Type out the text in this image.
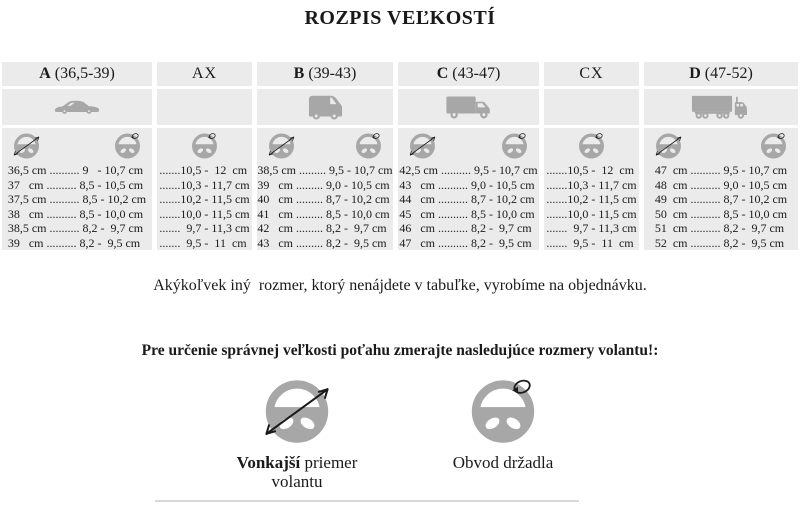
ROZPIS VEĽKOSTÍ
A (36,5-39)
36,5 cm .......... 9   - 10,7 cm
37   cm .......... 8,5 - 10,5 cm
37,5 cm .......... 8,5 - 10,2 cm
38   cm .......... 8,5 - 10,0 cm
38,5 cm .......... 8,2 -  9,7 cm
39   cm .......... 8,2 -  9,5 cm
AX
.......10,5 -  12  cm
.......10,3 - 11,7 cm
.......10,2 - 11,5 cm
.......10,0 - 11,5 cm
.......  9,7 - 11,3 cm
.......  9,5 -  11  cm
B (39-43)
38,5 cm ......... 9,5 - 10,7 cm
39   cm ......... 9,0 - 10,5 cm
40   cm ......... 8,7 - 10,2 cm
41   cm ......... 8,5 - 10,0 cm
42   cm ......... 8,2 -  9,7 cm
43   cm ......... 8,2 -  9,5 cm
C (43-47)
42,5 cm .......... 9,5 - 10,7 cm
43   cm .......... 9,0 - 10,5 cm
44   cm .......... 8,7 - 10,2 cm
45   cm .......... 8,5 - 10,0 cm
46   cm .......... 8,2 -  9,7 cm
47   cm .......... 8,2 -  9,5 cm
CX
.......10,5 -  12  cm
.......10,3 - 11,7 cm
.......10,2 - 11,5 cm
.......10,0 - 11,5 cm
.......  9,7 - 11,3 cm
.......  9,5 -  11  cm
D (47-52)
47  cm .......... 9,5 - 10,7 cm
48  cm .......... 9,0 - 10,5 cm
49  cm .......... 8,7 - 10,2 cm
50  cm .......... 8,5 - 10,0 cm
51  cm .......... 8,2 -  9,7 cm
52  cm .......... 8,2 -  9,5 cm
Akýkoľvek iný  rozmer, ktorý nenájdete v tabuľke, vyrobíme na objednávku.
Pre určenie správnej veľkosti poťahu zmerajte nasledujúce rozmery volantu!:
Vonkajší priemer
volantu
Obvod držadla
